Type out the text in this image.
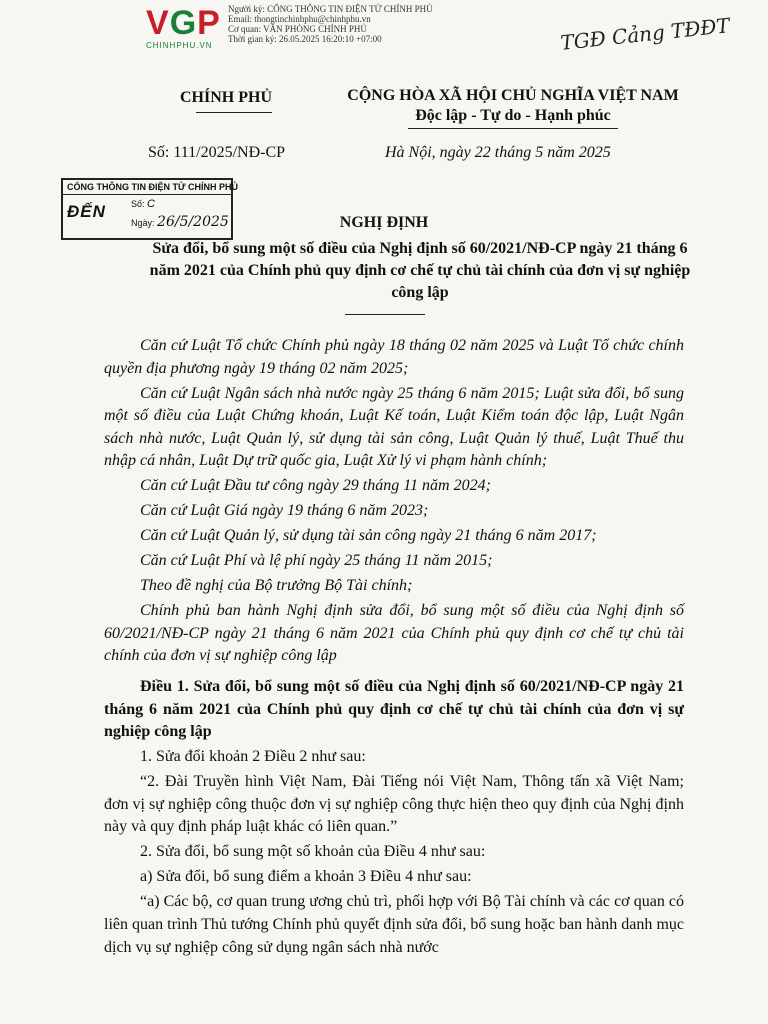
VGP
CHINHPHU.VN
Người ký: CỔNG THÔNG TIN ĐIỆN TỬ CHÍNH PHỦ
Email: thongtinchinhphu@chinhphu.vn
Cơ quan: VĂN PHÒNG CHÍNH PHỦ
Thời gian ký: 26.05.2025 16:20:10 +07:00	TGĐ Cảng TĐĐT
CHÍNH PHỦ	CỘNG HÒA XÃ HỘI CHỦ NGHĨA VIỆT NAM
Độc lập - Tự do - Hạnh phúc
Số: 111/2025/NĐ-CP	Hà Nội, ngày 22 tháng 5 năm 2025
CỔNG THÔNG TIN ĐIỆN TỬ CHÍNH PHỦ
ĐẾN	Số: C
Ngày: 26/5/2025	NGHỊ ĐỊNH
Sửa đổi, bổ sung một số điều của Nghị định số 60/2021/NĐ-CP ngày 21 tháng 6 năm 2021 của Chính phủ quy định cơ chế tự chủ tài chính của đơn vị sự nghiệp công lập

Căn cứ Luật Tổ chức Chính phủ ngày 18 tháng 02 năm 2025 và Luật Tổ chức chính quyền địa phương ngày 19 tháng 02 năm 2025;

Căn cứ Luật Ngân sách nhà nước ngày 25 tháng 6 năm 2015; Luật sửa đổi, bổ sung một số điều của Luật Chứng khoán, Luật Kế toán, Luật Kiểm toán độc lập, Luật Ngân sách nhà nước, Luật Quản lý, sử dụng tài sản công, Luật Quản lý thuế, Luật Thuế thu nhập cá nhân, Luật Dự trữ quốc gia, Luật Xử lý vi phạm hành chính;

Căn cứ Luật Đầu tư công ngày 29 tháng 11 năm 2024;

Căn cứ Luật Giá ngày 19 tháng 6 năm 2023;

Căn cứ Luật Quản lý, sử dụng tài sản công ngày 21 tháng 6 năm 2017;

Căn cứ Luật Phí và lệ phí ngày 25 tháng 11 năm 2015;

Theo đề nghị của Bộ trưởng Bộ Tài chính;

Chính phủ ban hành Nghị định sửa đổi, bổ sung một số điều của Nghị định số 60/2021/NĐ-CP ngày 21 tháng 6 năm 2021 của Chính phủ quy định cơ chế tự chủ tài chính của đơn vị sự nghiệp công lập

Điều 1. Sửa đổi, bổ sung một số điều của Nghị định số 60/2021/NĐ-CP ngày 21 tháng 6 năm 2021 của Chính phủ quy định cơ chế tự chủ tài chính của đơn vị sự nghiệp công lập

1. Sửa đổi khoản 2 Điều 2 như sau:

“2. Đài Truyền hình Việt Nam, Đài Tiếng nói Việt Nam, Thông tấn xã Việt Nam; đơn vị sự nghiệp công thuộc đơn vị sự nghiệp công thực hiện theo quy định của Nghị định này và quy định pháp luật khác có liên quan.”

2. Sửa đổi, bổ sung một số khoản của Điều 4 như sau:

a) Sửa đổi, bổ sung điểm a khoản 3 Điều 4 như sau:

“a) Các bộ, cơ quan trung ương chủ trì, phối hợp với Bộ Tài chính và các cơ quan có liên quan trình Thủ tướng Chính phủ quyết định sửa đổi, bổ sung hoặc ban hành danh mục dịch vụ sự nghiệp công sử dụng ngân sách nhà nước
